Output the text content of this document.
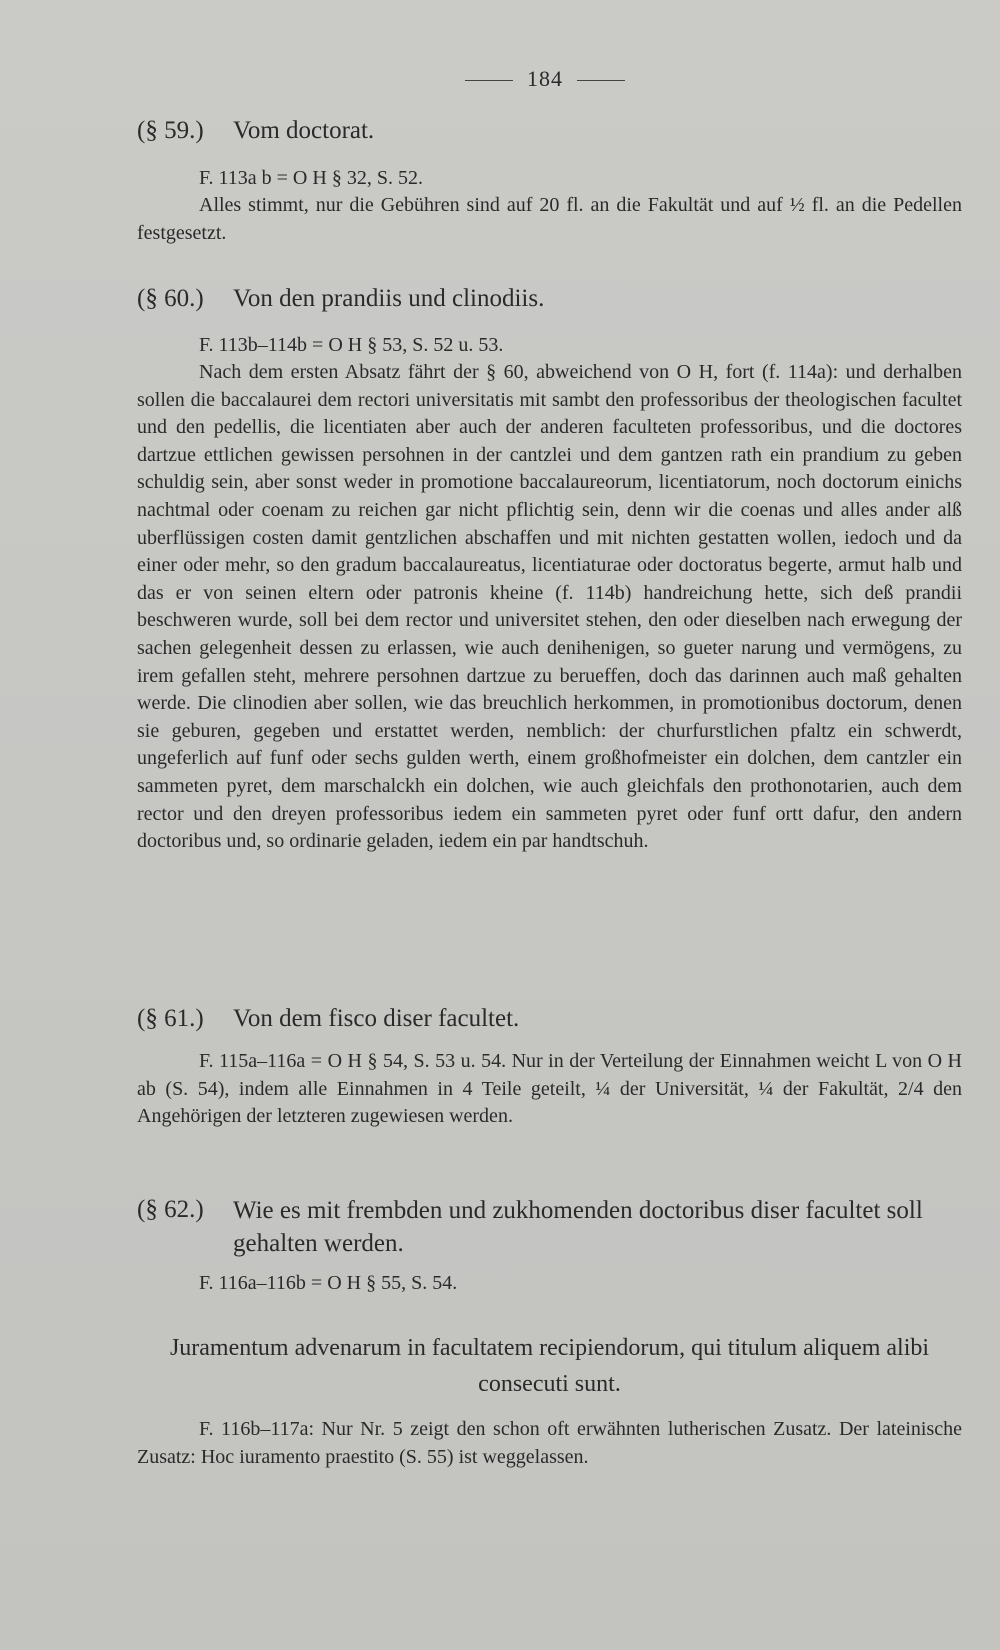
184
(§ 59.) Vom doctorat.
F. 113a b = O H § 32, S. 52.
Alles stimmt, nur die Gebühren sind auf 20 fl. an die Fakultät und auf ½ fl. an die Pedellen festgesetzt.
(§ 60.) Von den prandiis und clinodiis.
F. 113b–114b = O H § 53, S. 52 u. 53.
Nach dem ersten Absatz fährt der § 60, abweichend von O H, fort (f. 114a): und derhalben sollen die baccalaurei dem rectori universitatis mit sambt den professoribus der theologischen facultet und den pedellis, die licentiaten aber auch der anderen faculteten professoribus, und die doctores dartzue ettlichen gewissen persohnen in der cantzlei und dem gantzen rath ein prandium zu geben schuldig sein, aber sonst weder in promotione baccalaureorum, licentiatorum, noch doctorum einichs nachtmal oder coenam zu reichen gar nicht pflichtig sein, denn wir die coenas und alles ander alß uberflüssigen costen damit gentzlichen abschaffen und mit nichten gestatten wollen, iedoch und da einer oder mehr, so den gradum baccalaureatus, licentiaturae oder doctoratus begerte, armut halb und das er von seinen eltern oder patronis kheine (f. 114b) handreichung hette, sich deß prandii beschweren wurde, soll bei dem rector und universitet stehen, den oder dieselben nach erwegung der sachen gelegenheit dessen zu erlassen, wie auch denihenigen, so gueter narung und vermögens, zu irem gefallen steht, mehrere persohnen dartzue zu berueffen, doch das darinnen auch maß gehalten werde. Die clinodien aber sollen, wie das breuchlich herkommen, in promotionibus doctorum, denen sie geburen, gegeben und erstattet werden, nemblich: der churfurstlichen pfaltz ein schwerdt, ungeferlich auf funf oder sechs gulden werth, einem großhofmeister ein dolchen, dem cantzler ein sammeten pyret, dem marschalckh ein dolchen, wie auch gleichfals den prothonotarien, auch dem rector und den dreyen professoribus iedem ein sammeten pyret oder funf ortt dafur, den andern doctoribus und, so ordinarie geladen, iedem ein par handtschuh.
(§ 61.) Von dem fisco diser facultet.
F. 115a–116a = O H § 54, S. 53 u. 54. Nur in der Verteilung der Einnahmen weicht L von O H ab (S. 54), indem alle Einnahmen in 4 Teile geteilt, ¼ der Universität, ¼ der Fakultät, 2/4 den Angehörigen der letzteren zugewiesen werden.
(§ 62.)	Wie es mit frembden und zukhomenden doctoribus diser facultet soll gehalten werden.
F. 116a–116b = O H § 55, S. 54.
Juramentum advenarum in facultatem recipiendorum, qui titulum aliquem alibi consecuti sunt.
F. 116b–117a: Nur Nr. 5 zeigt den schon oft erwähnten lutherischen Zusatz. Der lateinische Zusatz: Hoc iuramento praestito (S. 55) ist weggelassen.
